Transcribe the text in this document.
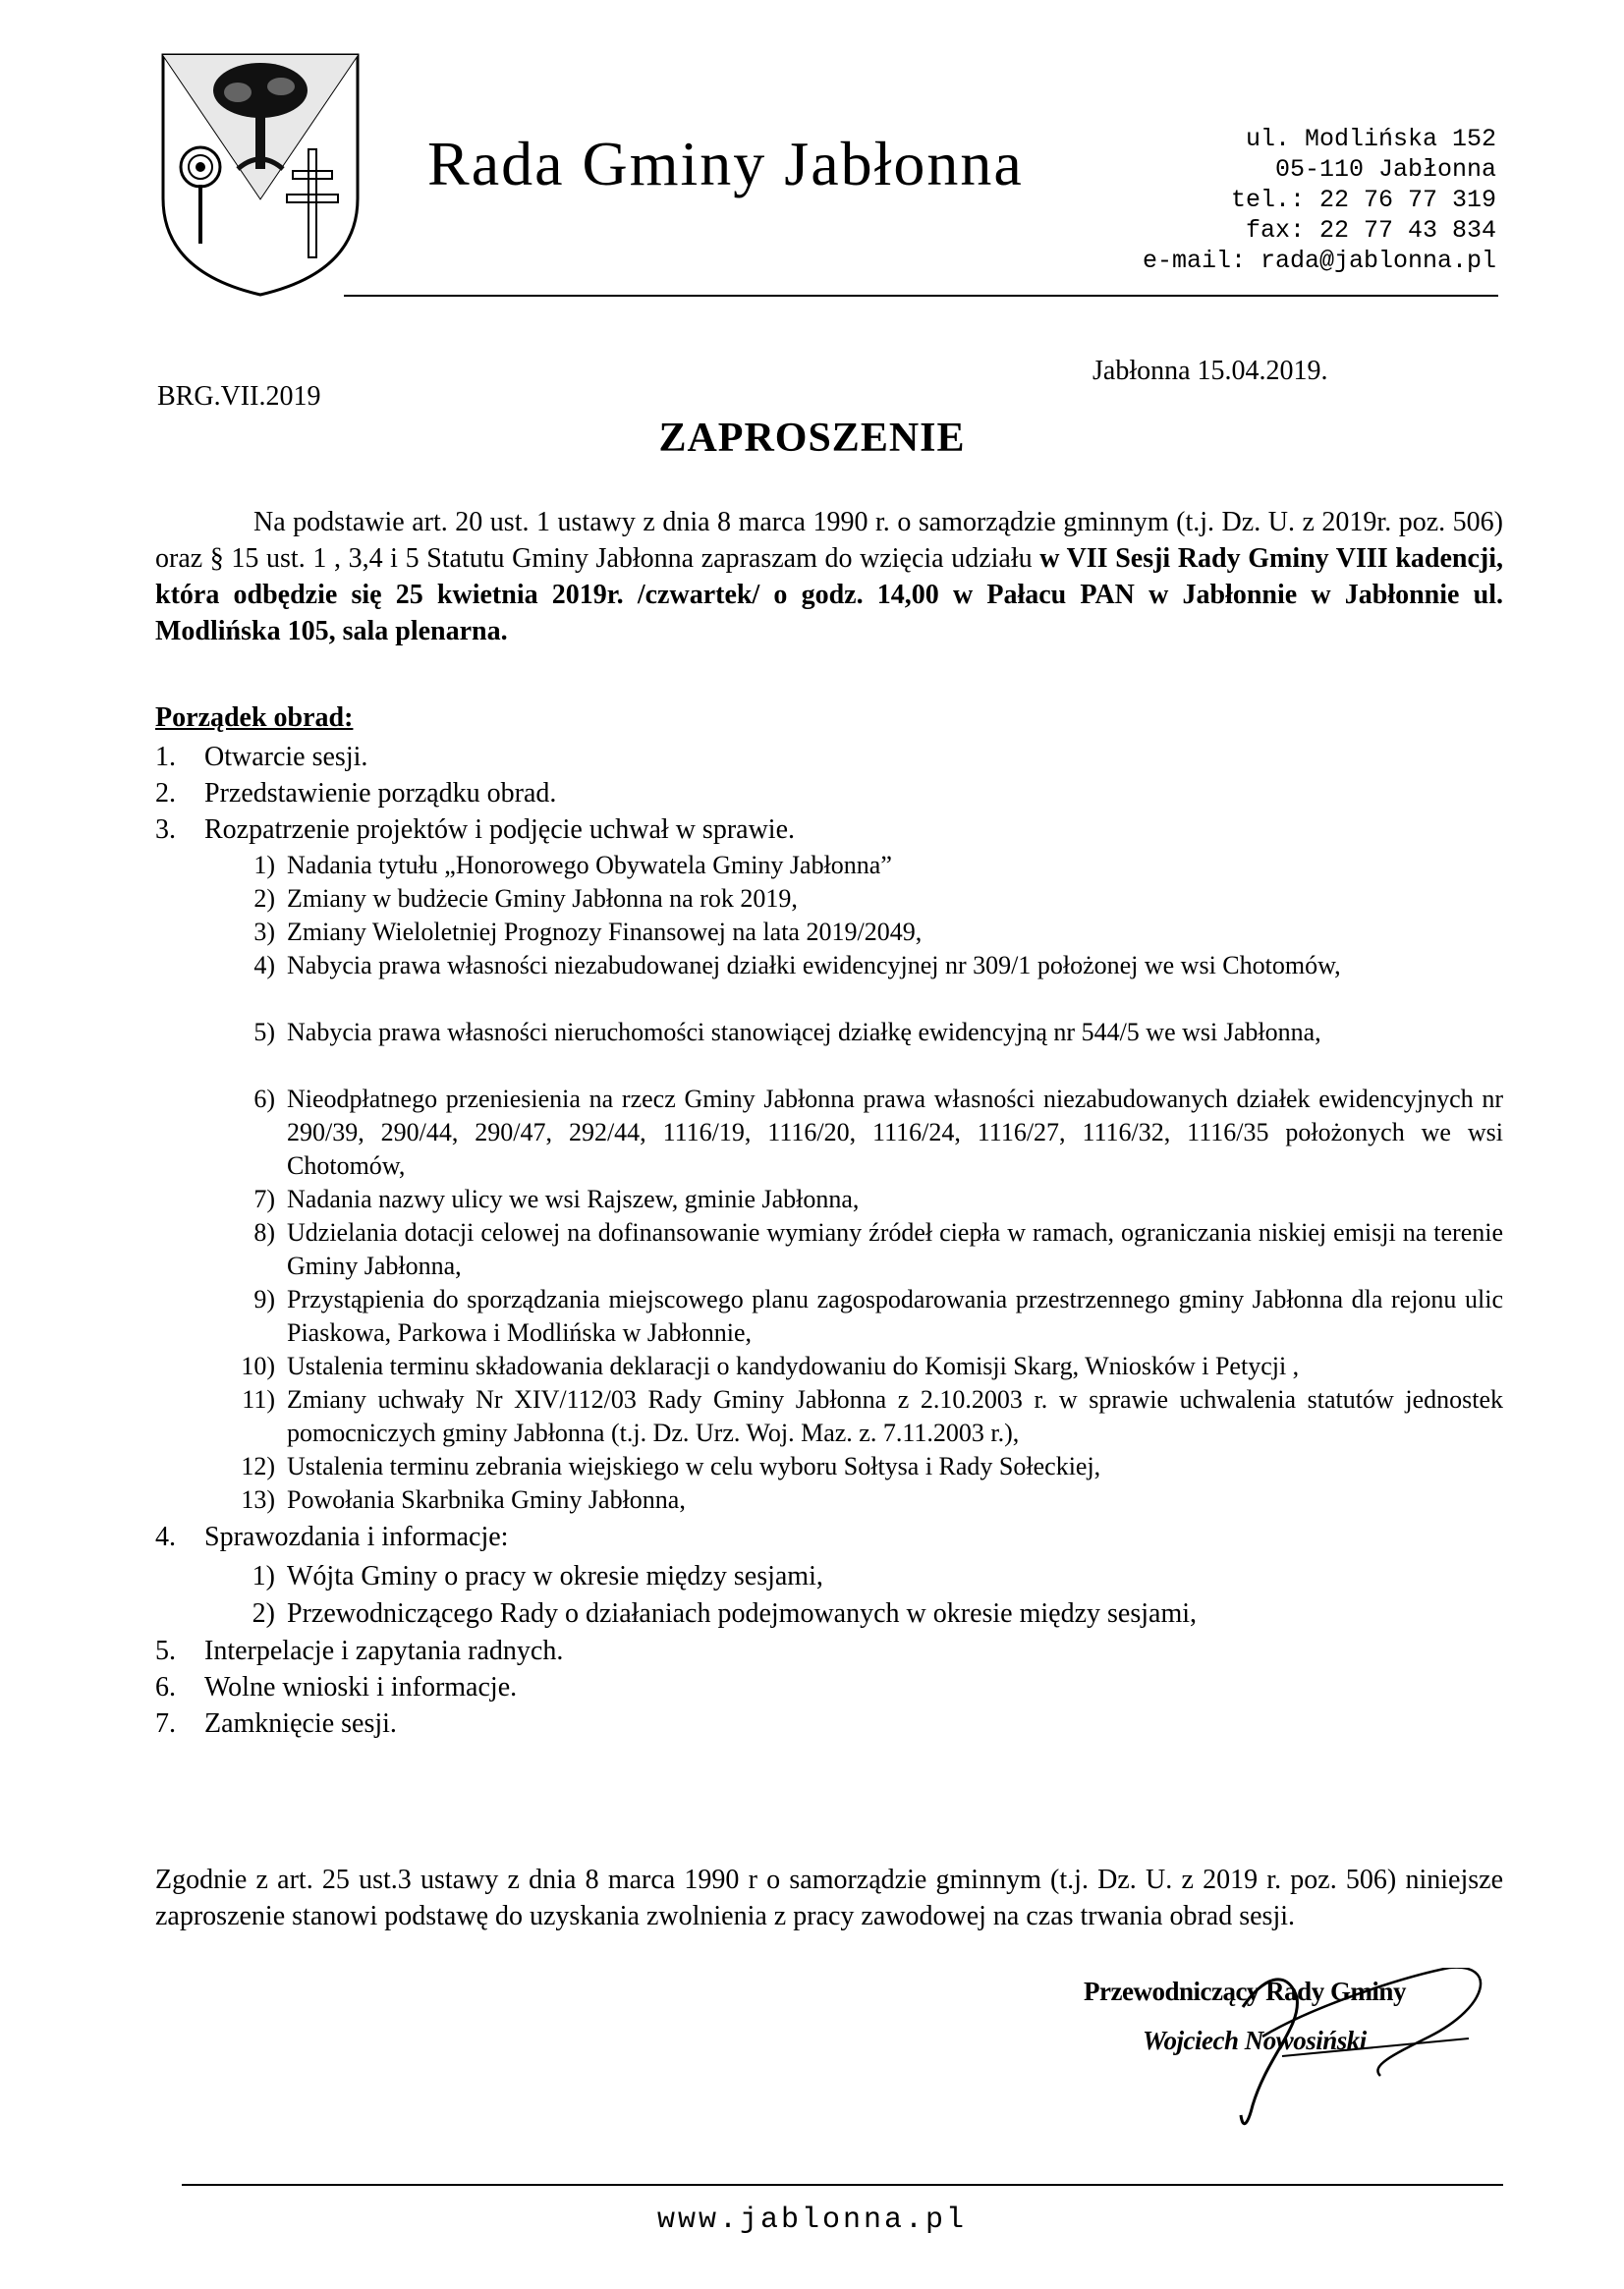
Rada Gminy Jabłonna	ul. Modlińska 152
05-110 Jabłonna
tel.: 22 76 77 319
fax: 22 77 43 834
e-mail: rada@jablonna.pl
BRG.VII.2019
Jabłonna 15.04.2019.
ZAPROSZENIE

Na podstawie art. 20 ust. 1 ustawy z dnia 8 marca 1990 r. o samorządzie gminnym (t.j. Dz. U. z 2019r. poz. 506) oraz § 15 ust. 1 , 3,4 i 5 Statutu Gminy Jabłonna zapraszam do wzięcia udziału w VII Sesji Rady Gminy VIII kadencji, która odbędzie się 25 kwietnia 2019r. /czwartek/ o godz. 14,00 w Pałacu PAN w Jabłonnie w Jabłonnie ul. Modlińska 105, sala plenarna.

Porządek obrad:
1.	Otwarcie sesji.
2.	Przedstawienie porządku obrad.
3.	Rozpatrzenie projektów i podjęcie uchwał w sprawie.
1) Nadania tytułu „Honorowego Obywatela Gminy Jabłonna”
2) Zmiany w budżecie Gminy Jabłonna na rok 2019,
3) Zmiany Wieloletniej Prognozy Finansowej na lata 2019/2049,
4) Nabycia prawa własności niezabudowanej działki ewidencyjnej nr 309/1 położonej we wsi Chotomów,
5) Nabycia prawa własności nieruchomości stanowiącej działkę ewidencyjną nr 544/5 we wsi Jabłonna,
6) Nieodpłatnego przeniesienia na rzecz Gminy Jabłonna prawa własności niezabudowanych działek ewidencyjnych nr 290/39, 290/44, 290/47, 292/44, 1116/19, 1116/20, 1116/24, 1116/27, 1116/32, 1116/35 położonych we wsi Chotomów,
7) Nadania nazwy ulicy we wsi Rajszew, gminie Jabłonna,
8) Udzielania dotacji celowej na dofinansowanie wymiany źródeł ciepła w ramach, ograniczania niskiej emisji na terenie Gminy Jabłonna,
9) Przystąpienia do sporządzania miejscowego planu zagospodarowania przestrzennego gminy Jabłonna dla rejonu ulic Piaskowa, Parkowa i Modlińska w Jabłonnie,
10) Ustalenia terminu składowania deklaracji o kandydowaniu do Komisji Skarg, Wniosków i Petycji ,
11) Zmiany uchwały Nr XIV/112/03 Rady Gminy Jabłonna z 2.10.2003 r. w sprawie uchwalenia statutów jednostek pomocniczych gminy Jabłonna (t.j. Dz. Urz. Woj. Maz. z. 7.11.2003 r.),
12) Ustalenia terminu zebrania wiejskiego w celu wyboru Sołtysa i Rady Sołeckiej,
13) Powołania Skarbnika Gminy Jabłonna,
4.	Sprawozdania i informacje:
1) Wójta Gminy o pracy w okresie między sesjami,
2) Przewodniczącego Rady o działaniach podejmowanych w okresie między sesjami,
5.	Interpelacje i zapytania radnych.
6.	Wolne wnioski i informacje.
7.	Zamknięcie sesji.

Zgodnie z art. 25 ust.3 ustawy z dnia 8 marca 1990 r o samorządzie gminnym (t.j. Dz. U. z 2019 r. poz. 506) niniejsze zaproszenie stanowi podstawę do uzyskania zwolnienia z pracy zawodowej na czas trwania obrad sesji.

Przewodniczący Rady Gminy
Wojciech Nowosiński
www.jablonna.pl
